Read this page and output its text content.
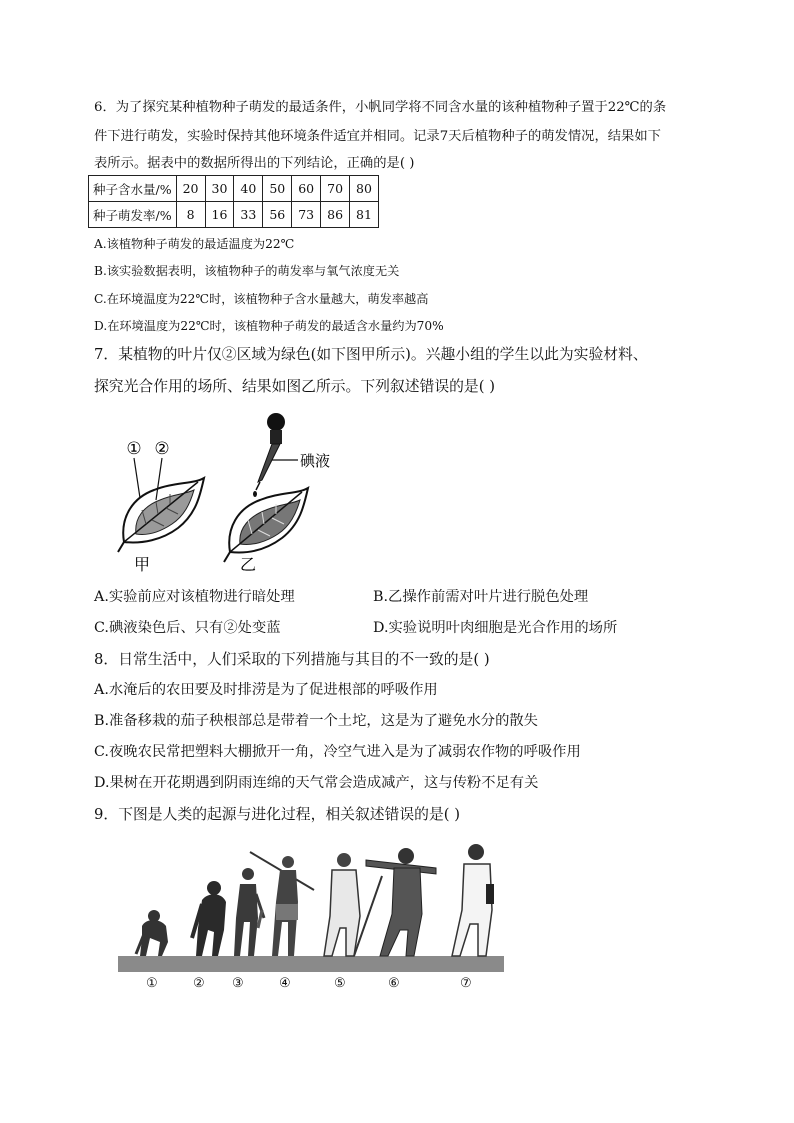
6．为了探究某种植物种子萌发的最适条件，小帆同学将不同含水量的该种植物种子置于22℃的条
件下进行萌发，实验时保持其他环境条件适宜并相同。记录7天后植物种子的萌发情况，结果如下
表所示。据表中的数据所得出的下列结论，正确的是( )
种子含水量/%	20	30	40	50	60	70	80
种子萌发率/%	8	16	33	56	73	86	81
A.该植物种子萌发的最适温度为22℃
B.该实验数据表明，该植物种子的萌发率与氧气浓度无关
C.在环境温度为22℃时，该植物种子含水量越大，萌发率越高
D.在环境温度为22℃时，该植物种子萌发的最适含水量约为70%
7．某植物的叶片仅②区域为绿色(如下图甲所示)。兴趣小组的学生以此为实验材料、
探究光合作用的场所、结果如图乙所示。下列叙述错误的是( )
① ②
甲
碘液
乙
A.实验前应对该植物进行暗处理	B.乙操作前需对叶片进行脱色处理
C.碘液染色后、只有②处变蓝	D.实验说明叶肉细胞是光合作用的场所
8．日常生活中，人们采取的下列措施与其目的不一致的是( )
A.水淹后的农田要及时排涝是为了促进根部的呼吸作用
B.准备移栽的茄子秧根部总是带着一个土坨，这是为了避免水分的散失
C.夜晚农民常把塑料大棚掀开一角，冷空气进入是为了减弱农作物的呼吸作用
D.果树在开花期遇到阴雨连绵的天气常会造成减产，这与传粉不足有关
9．下图是人类的起源与进化过程，相关叙述错误的是( )
①	② ③	④	⑤	⑥	⑦
